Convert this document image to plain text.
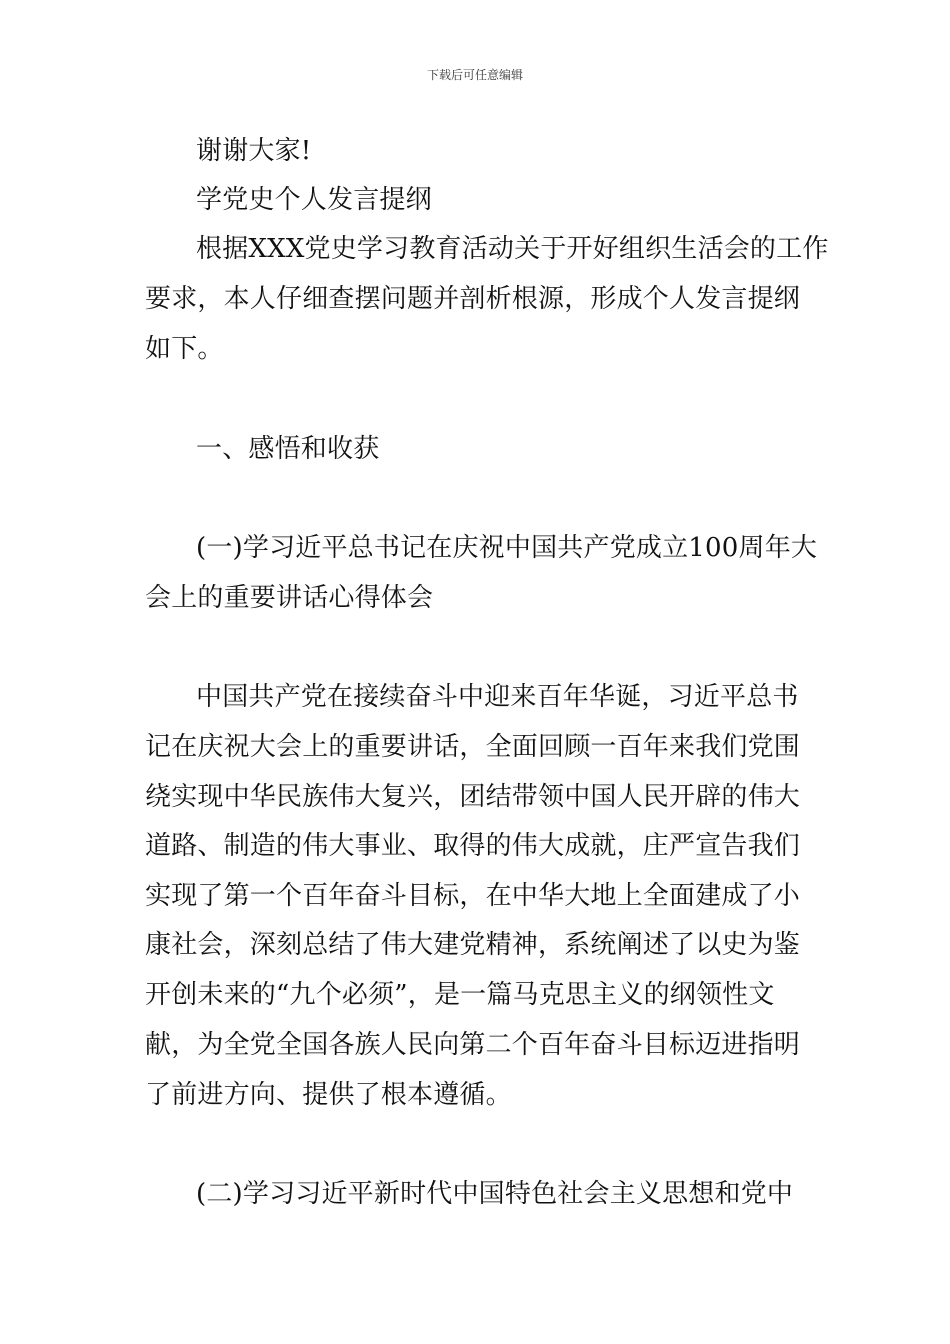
下载后可任意编辑
谢谢大家!
学党史个人发言提纲
根据XXX党史学习教育活动关于开好组织生活会的工作
要求，本人仔细查摆问题并剖析根源，形成个人发言提纲
如下。
一、感悟和收获
(一)学习近平总书记在庆祝中国共产党成立100周年大
会上的重要讲话心得体会
中国共产党在接续奋斗中迎来百年华诞，习近平总书
记在庆祝大会上的重要讲话，全面回顾一百年来我们党围
绕实现中华民族伟大复兴，团结带领中国人民开辟的伟大
道路、制造的伟大事业、取得的伟大成就，庄严宣告我们
实现了第一个百年奋斗目标，在中华大地上全面建成了小
康社会，深刻总结了伟大建党精神，系统阐述了以史为鉴
开创未来的“九个必须”，是一篇马克思主义的纲领性文
献，为全党全国各族人民向第二个百年奋斗目标迈进指明
了前进方向、提供了根本遵循。
(二)学习习近平新时代中国特色社会主义思想和党中
